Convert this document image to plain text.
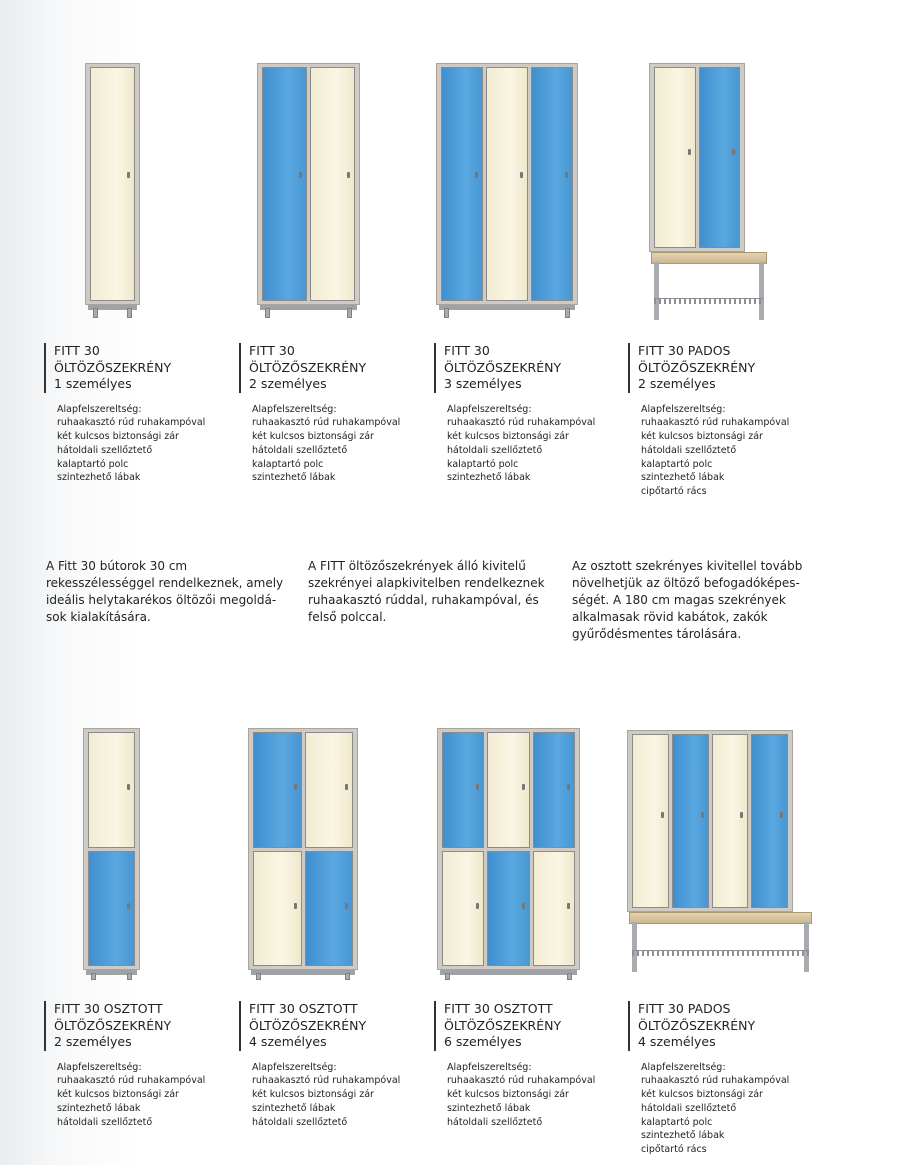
FITT 30
ÖLTÖZŐSZEKRÉNY
1 személyes
Alapfelszereltség:
ruhaakasztó rúd ruhakampóval
két kulcsos biztonsági zár
hátoldali szellőztető
kalaptartó polc
szintezhető lábak
FITT 30
ÖLTÖZŐSZEKRÉNY
2 személyes
Alapfelszereltség:
ruhaakasztó rúd ruhakampóval
két kulcsos biztonsági zár
hátoldali szellőztető
kalaptartó polc
szintezhető lábak
FITT 30
ÖLTÖZŐSZEKRÉNY
3 személyes
Alapfelszereltség:
ruhaakasztó rúd ruhakampóval
két kulcsos biztonsági zár
hátoldali szellőztető
kalaptartó polc
szintezhető lábak
FITT 30 PADOS
ÖLTÖZŐSZEKRÉNY
2 személyes
Alapfelszereltség:
ruhaakasztó rúd ruhakampóval
két kulcsos biztonsági zár
hátoldali szellőztető
kalaptartó polc
szintezhető lábak
cipőtartó rács
FITT 30 OSZTOTT
ÖLTÖZŐSZEKRÉNY
2 személyes
Alapfelszereltség:
ruhaakasztó rúd ruhakampóval
két kulcsos biztonsági zár
szintezhető lábak
hátoldali szellőztető
FITT 30 OSZTOTT
ÖLTÖZŐSZEKRÉNY
4 személyes
Alapfelszereltség:
ruhaakasztó rúd ruhakampóval
két kulcsos biztonsági zár
szintezhető lábak
hátoldali szellőztető
FITT 30 OSZTOTT
ÖLTÖZŐSZEKRÉNY
6 személyes
Alapfelszereltség:
ruhaakasztó rúd ruhakampóval
két kulcsos biztonsági zár
szintezhető lábak
hátoldali szellőztető
FITT 30 PADOS
ÖLTÖZŐSZEKRÉNY
4 személyes
Alapfelszereltség:
ruhaakasztó rúd ruhakampóval
két kulcsos biztonsági zár
hátoldali szellőztető
kalaptartó polc
szintezhető lábak
cipőtartó rács
A Fitt 30 bútorok 30 cm
rekesszélességgel rendelkeznek, amely
ideális helytakarékos öltözői megoldá-
sok kialakítására.
A FITT öltözőszekrények álló kivitelű
szekrényei alapkivitelben rendelkeznek
ruhaakasztó rúddal, ruhakampóval, és
felső polccal.
Az osztott szekrényes kivitellel tovább
növelhetjük az öltöző befogadóképes-
ségét. A 180 cm magas szekrények
alkalmasak rövid kabátok, zakók
gyűrődésmentes tárolására.
